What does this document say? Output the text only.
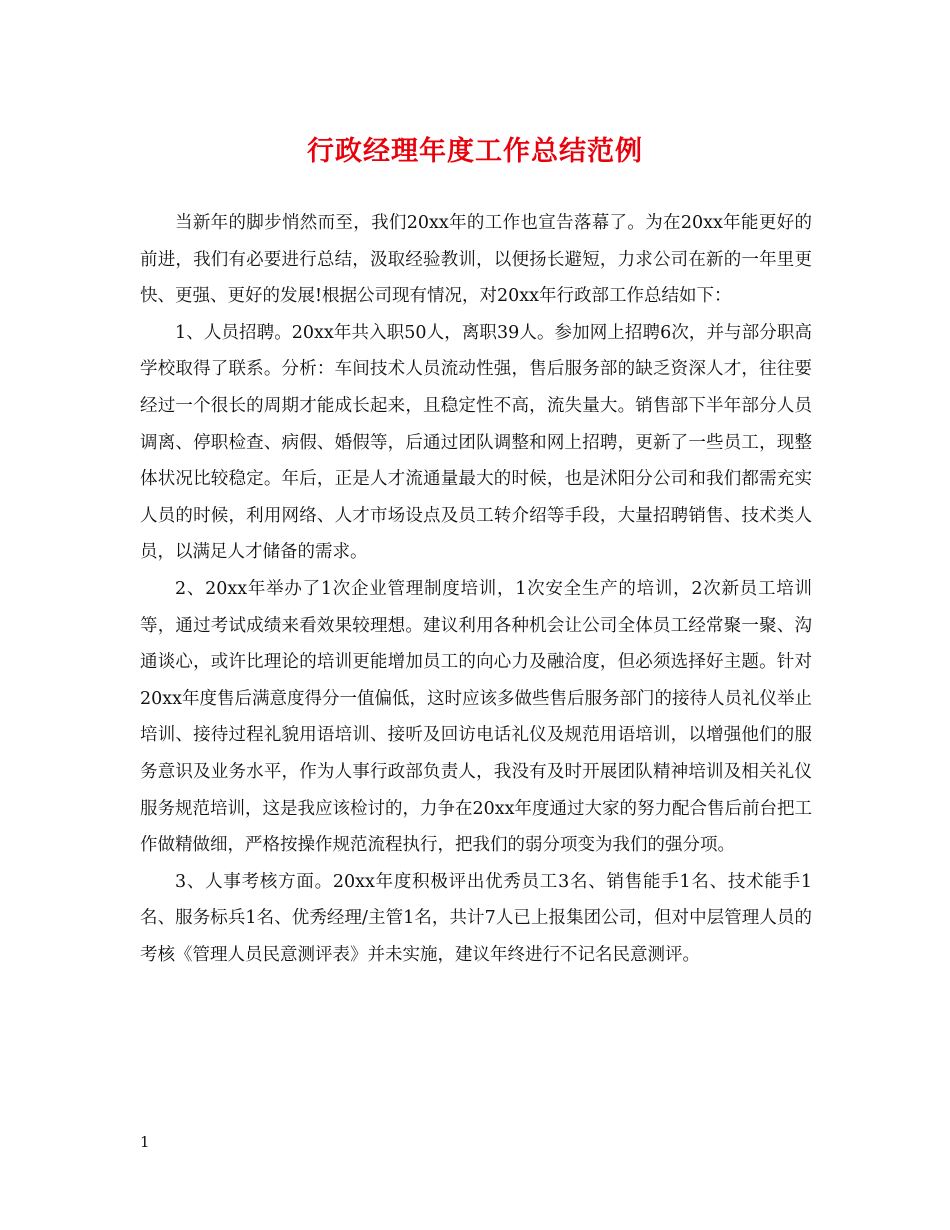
行政经理年度工作总结范例

当新年的脚步悄然而至，我们20xx年的工作也宣告落幕了。为在20xx年能更好的前进，我们有必要进行总结，汲取经验教训，以便扬长避短，力求公司在新的一年里更快、更强、更好的发展!根据公司现有情况，对20xx年行政部工作总结如下：

1、人员招聘。20xx年共入职50人，离职39人。参加网上招聘6次，并与部分职高学校取得了联系。分析：车间技术人员流动性强，售后服务部的缺乏资深人才，往往要经过一个很长的周期才能成长起来，且稳定性不高，流失量大。销售部下半年部分人员调离、停职检查、病假、婚假等，后通过团队调整和网上招聘，更新了一些员工，现整体状况比较稳定。年后，正是人才流通量最大的时候，也是沭阳分公司和我们都需充实人员的时候，利用网络、人才市场设点及员工转介绍等手段，大量招聘销售、技术类人员，以满足人才储备的需求。

2、20xx年举办了1次企业管理制度培训，1次安全生产的培训，2次新员工培训等，通过考试成绩来看效果较理想。建议利用各种机会让公司全体员工经常聚一聚、沟通谈心，或许比理论的培训更能增加员工的向心力及融洽度，但必须选择好主题。针对20xx年度售后满意度得分一值偏低，这时应该多做些售后服务部门的接待人员礼仪举止培训、接待过程礼貌用语培训、接听及回访电话礼仪及规范用语培训，以增强他们的服务意识及业务水平，作为人事行政部负责人，我没有及时开展团队精神培训及相关礼仪服务规范培训，这是我应该检讨的，力争在20xx年度通过大家的努力配合售后前台把工作做精做细，严格按操作规范流程执行，把我们的弱分项变为我们的强分项。

3、人事考核方面。20xx年度积极评出优秀员工3名、销售能手1名、技术能手1名、服务标兵1名、优秀经理/主管1名，共计7人已上报集团公司，但对中层管理人员的考核《管理人员民意测评表》并未实施，建议年终进行不记名民意测评。

1
